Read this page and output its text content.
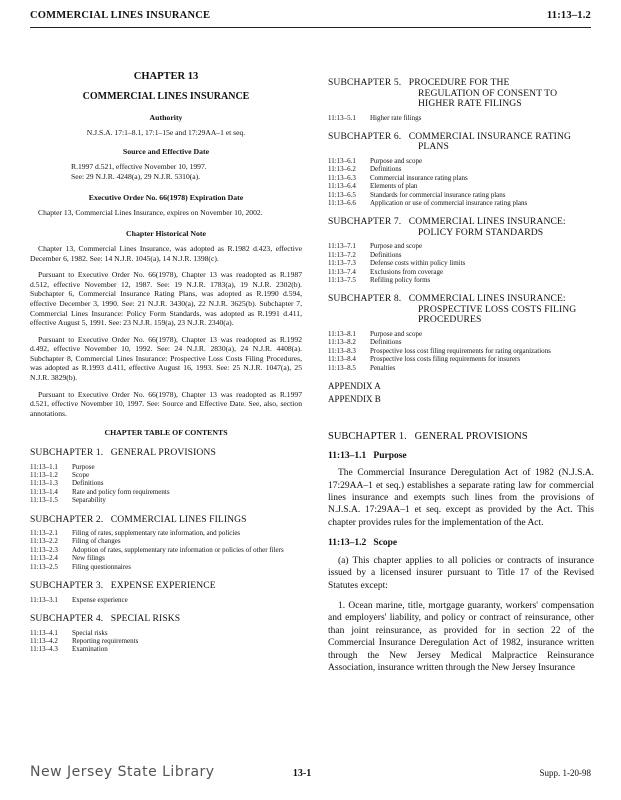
COMMERCIAL LINES INSURANCE	11:13–1.2
CHAPTER 13
COMMERCIAL LINES INSURANCE
Authority
N.J.S.A. 17:1–8.1, 17:1–15e and 17:29AA–1 et seq.
Source and Effective Date
R.1997 d.521, effective November 10, 1997.
See: 29 N.J.R. 4248(a), 29 N.J.R. 5310(a).
Executive Order No. 66(1978) Expiration Date
Chapter 13, Commercial Lines Insurance, expires on November 10, 2002.
Chapter Historical Note
Chapter 13, Commercial Lines Insurance, was adopted as R.1982 d.423, effective December 6, 1982. See: 14 N.J.R. 1045(a), 14 N.J.R. 1398(c).
Pursuant to Executive Order No. 66(1978), Chapter 13 was readopted as R.1987 d.512, effective November 12, 1987. See: 19 N.J.R. 1783(a), 19 N.J.R. 2302(b). Subchapter 6, Commercial Insurance Rating Plans, was adopted as R.1990 d.594, effective December 3, 1990. See: 21 N.J.R. 3430(a), 22 N.J.R. 3625(b). Subchapter 7, Commercial Lines Insurance: Policy Form Standards, was adopted as R.1991 d.411, effective August 5, 1991. See: 23 N.J.R. 159(a), 23 N.J.R. 2340(a).
Pursuant to Executive Order No. 66(1978), Chapter 13 was readopted as R.1992 d.492, effective November 10, 1992. See: 24 N.J.R. 2830(a), 24 N.J.R. 4408(a). Subchapter 8, Commercial Lines Insurance: Prospective Loss Costs Filing Procedures, was adopted as R.1993 d.411, effective August 16, 1993. See: 25 N.J.R. 1047(a), 25 N.J.R. 3829(b).
Pursuant to Executive Order No. 66(1978), Chapter 13 was readopted as R.1997 d.521, effective November 10, 1997. See: Source and Effective Date. See, also, section annotations.
CHAPTER TABLE OF CONTENTS
SUBCHAPTER 1. GENERAL PROVISIONS
11:13–1.1	Purpose
11:13–1.2	Scope
11:13–1.3	Definitions
11:13–1.4	Rate and policy form requirements
11:13–1.5	Separability
SUBCHAPTER 2. COMMERCIAL LINES FILINGS
11:13–2.1	Filing of rates, supplementary rate information, and policies
11:13–2.2	Filing of changes
11:13–2.3	Adoption of rates, supplementary rate information or policies of other filers
11:13–2.4	New filings
11:13–2.5	Filing questionnaires
SUBCHAPTER 3. EXPENSE EXPERIENCE
11:13–3.1	Expense experience
SUBCHAPTER 4. SPECIAL RISKS
11:13–4.1	Special risks
11:13–4.2	Reporting requirements
11:13–4.3	Examination
SUBCHAPTER 5. PROCEDURE FOR THE
REGULATION OF CONSENT TO HIGHER RATE FILINGS
11:13–5.1	Higher rate filings
SUBCHAPTER 6. COMMERCIAL INSURANCE RATING
PLANS
11:13–6.1	Purpose and scope
11:13–6.2	Definitions
11:13–6.3	Commercial insurance rating plans
11:13–6.4	Elements of plan
11:13–6.5	Standards for commercial insurance rating plans
11:13–6.6	Application or use of commercial insurance rating plans
SUBCHAPTER 7. COMMERCIAL LINES INSURANCE:
POLICY FORM STANDARDS
11:13–7.1	Purpose and scope
11:13–7.2	Definitions
11:13–7.3	Defense costs within policy limits
11:13–7.4	Exclusions from coverage
11:13–7.5	Refiling policy forms
SUBCHAPTER 8. COMMERCIAL LINES INSURANCE:
PROSPECTIVE LOSS COSTS FILING PROCEDURES
11:13–8.1	Purpose and scope
11:13–8.2	Definitions
11:13–8.3	Prospective loss cost filing requirements for rating organizations
11:13–8.4	Prospective loss costs filing requirements for insurers
11:13–8.5	Penalties
APPENDIX A
APPENDIX B
SUBCHAPTER 1.   GENERAL PROVISIONS
11:13–1.1   Purpose
The Commercial Insurance Deregulation Act of 1982 (N.J.S.A. 17:29AA–1 et seq.) establishes a separate rating law for commercial lines insurance and exempts such lines from the provisions of N.J.S.A. 17:29AA–1 et seq. except as provided by the Act. This chapter provides rules for the implementation of the Act.
11:13–1.2   Scope
(a) This chapter applies to all policies or contracts of insurance issued by a licensed insurer pursuant to Title 17 of the Revised Statutes except:
1. Ocean marine, title, mortgage guaranty, workers' compensation and employers' liability, and policy or contract of reinsurance, other than joint reinsurance, as provided for in section 22 of the Commercial Insurance Deregulation Act of 1982, insurance written through the New Jersey Medical Malpractice Reinsurance Association, insurance written through the New Jersey Insurance
New Jersey State Library	13-1	Supp. 1-20-98
